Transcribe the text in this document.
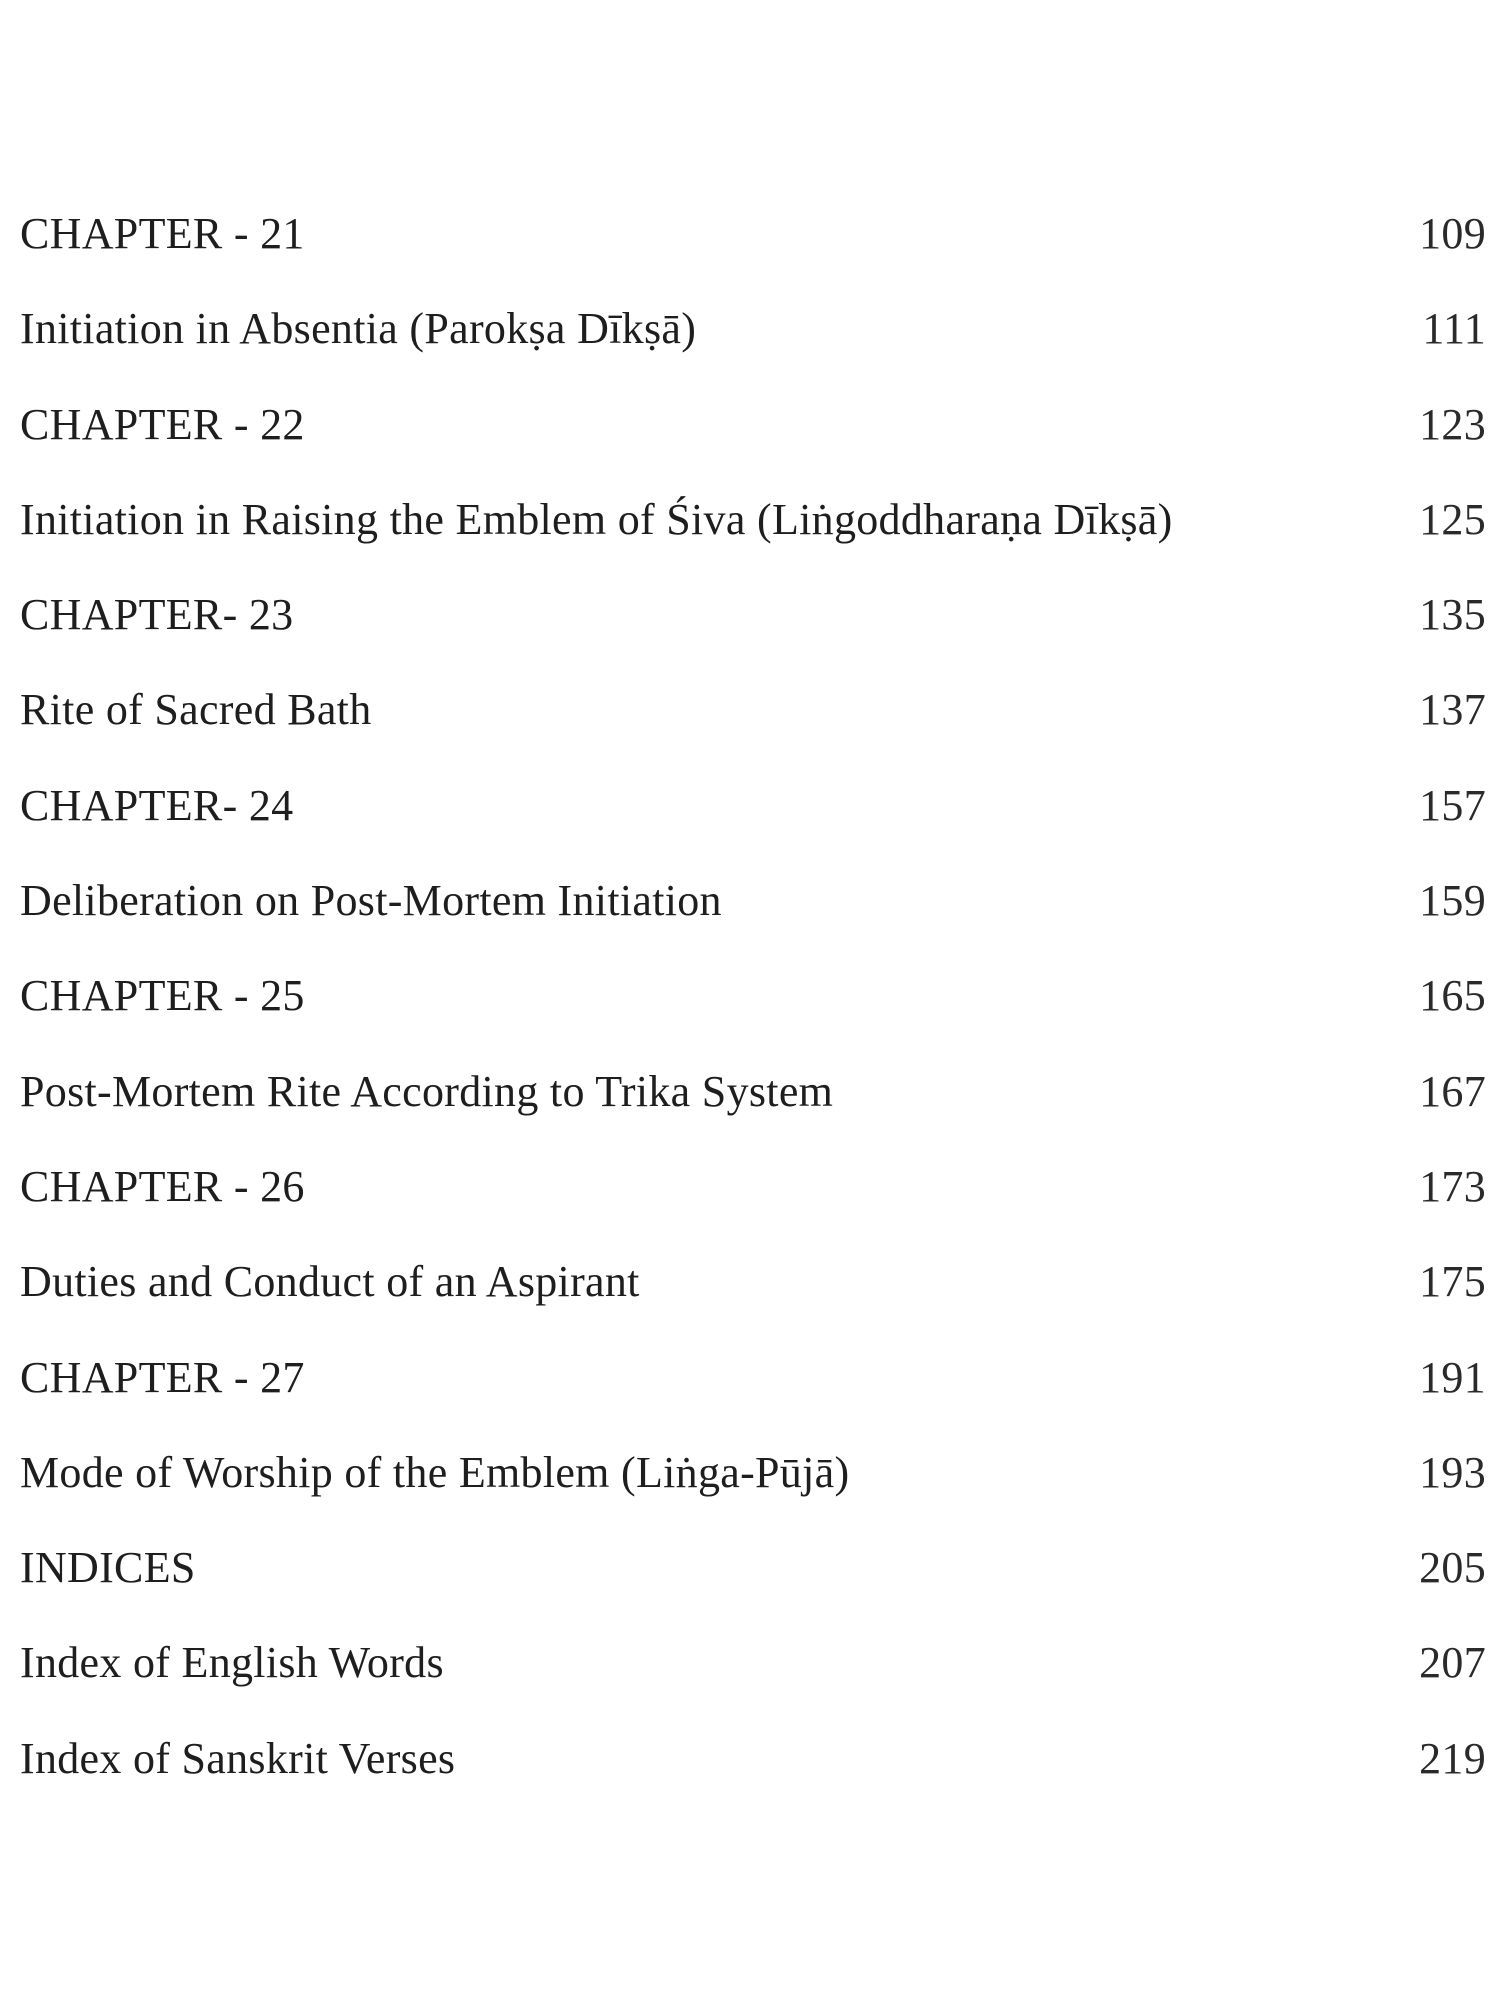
CHAPTER - 21	109
Initiation in Absentia (Parokṣa Dīkṣā)	111
CHAPTER - 22	123
Initiation in Raising the Emblem of Śiva (Liṅgoddharaṇa Dīkṣā)	125
CHAPTER- 23	135
Rite of Sacred Bath	137
CHAPTER- 24	157
Deliberation on Post-Mortem Initiation	159
CHAPTER - 25	165
Post-Mortem Rite According to Trika System	167
CHAPTER - 26	173
Duties and Conduct of an Aspirant	175
CHAPTER - 27	191
Mode of Worship of the Emblem (Liṅga-Pūjā)	193
INDICES	205
Index of English Words	207
Index of Sanskrit Verses	219
